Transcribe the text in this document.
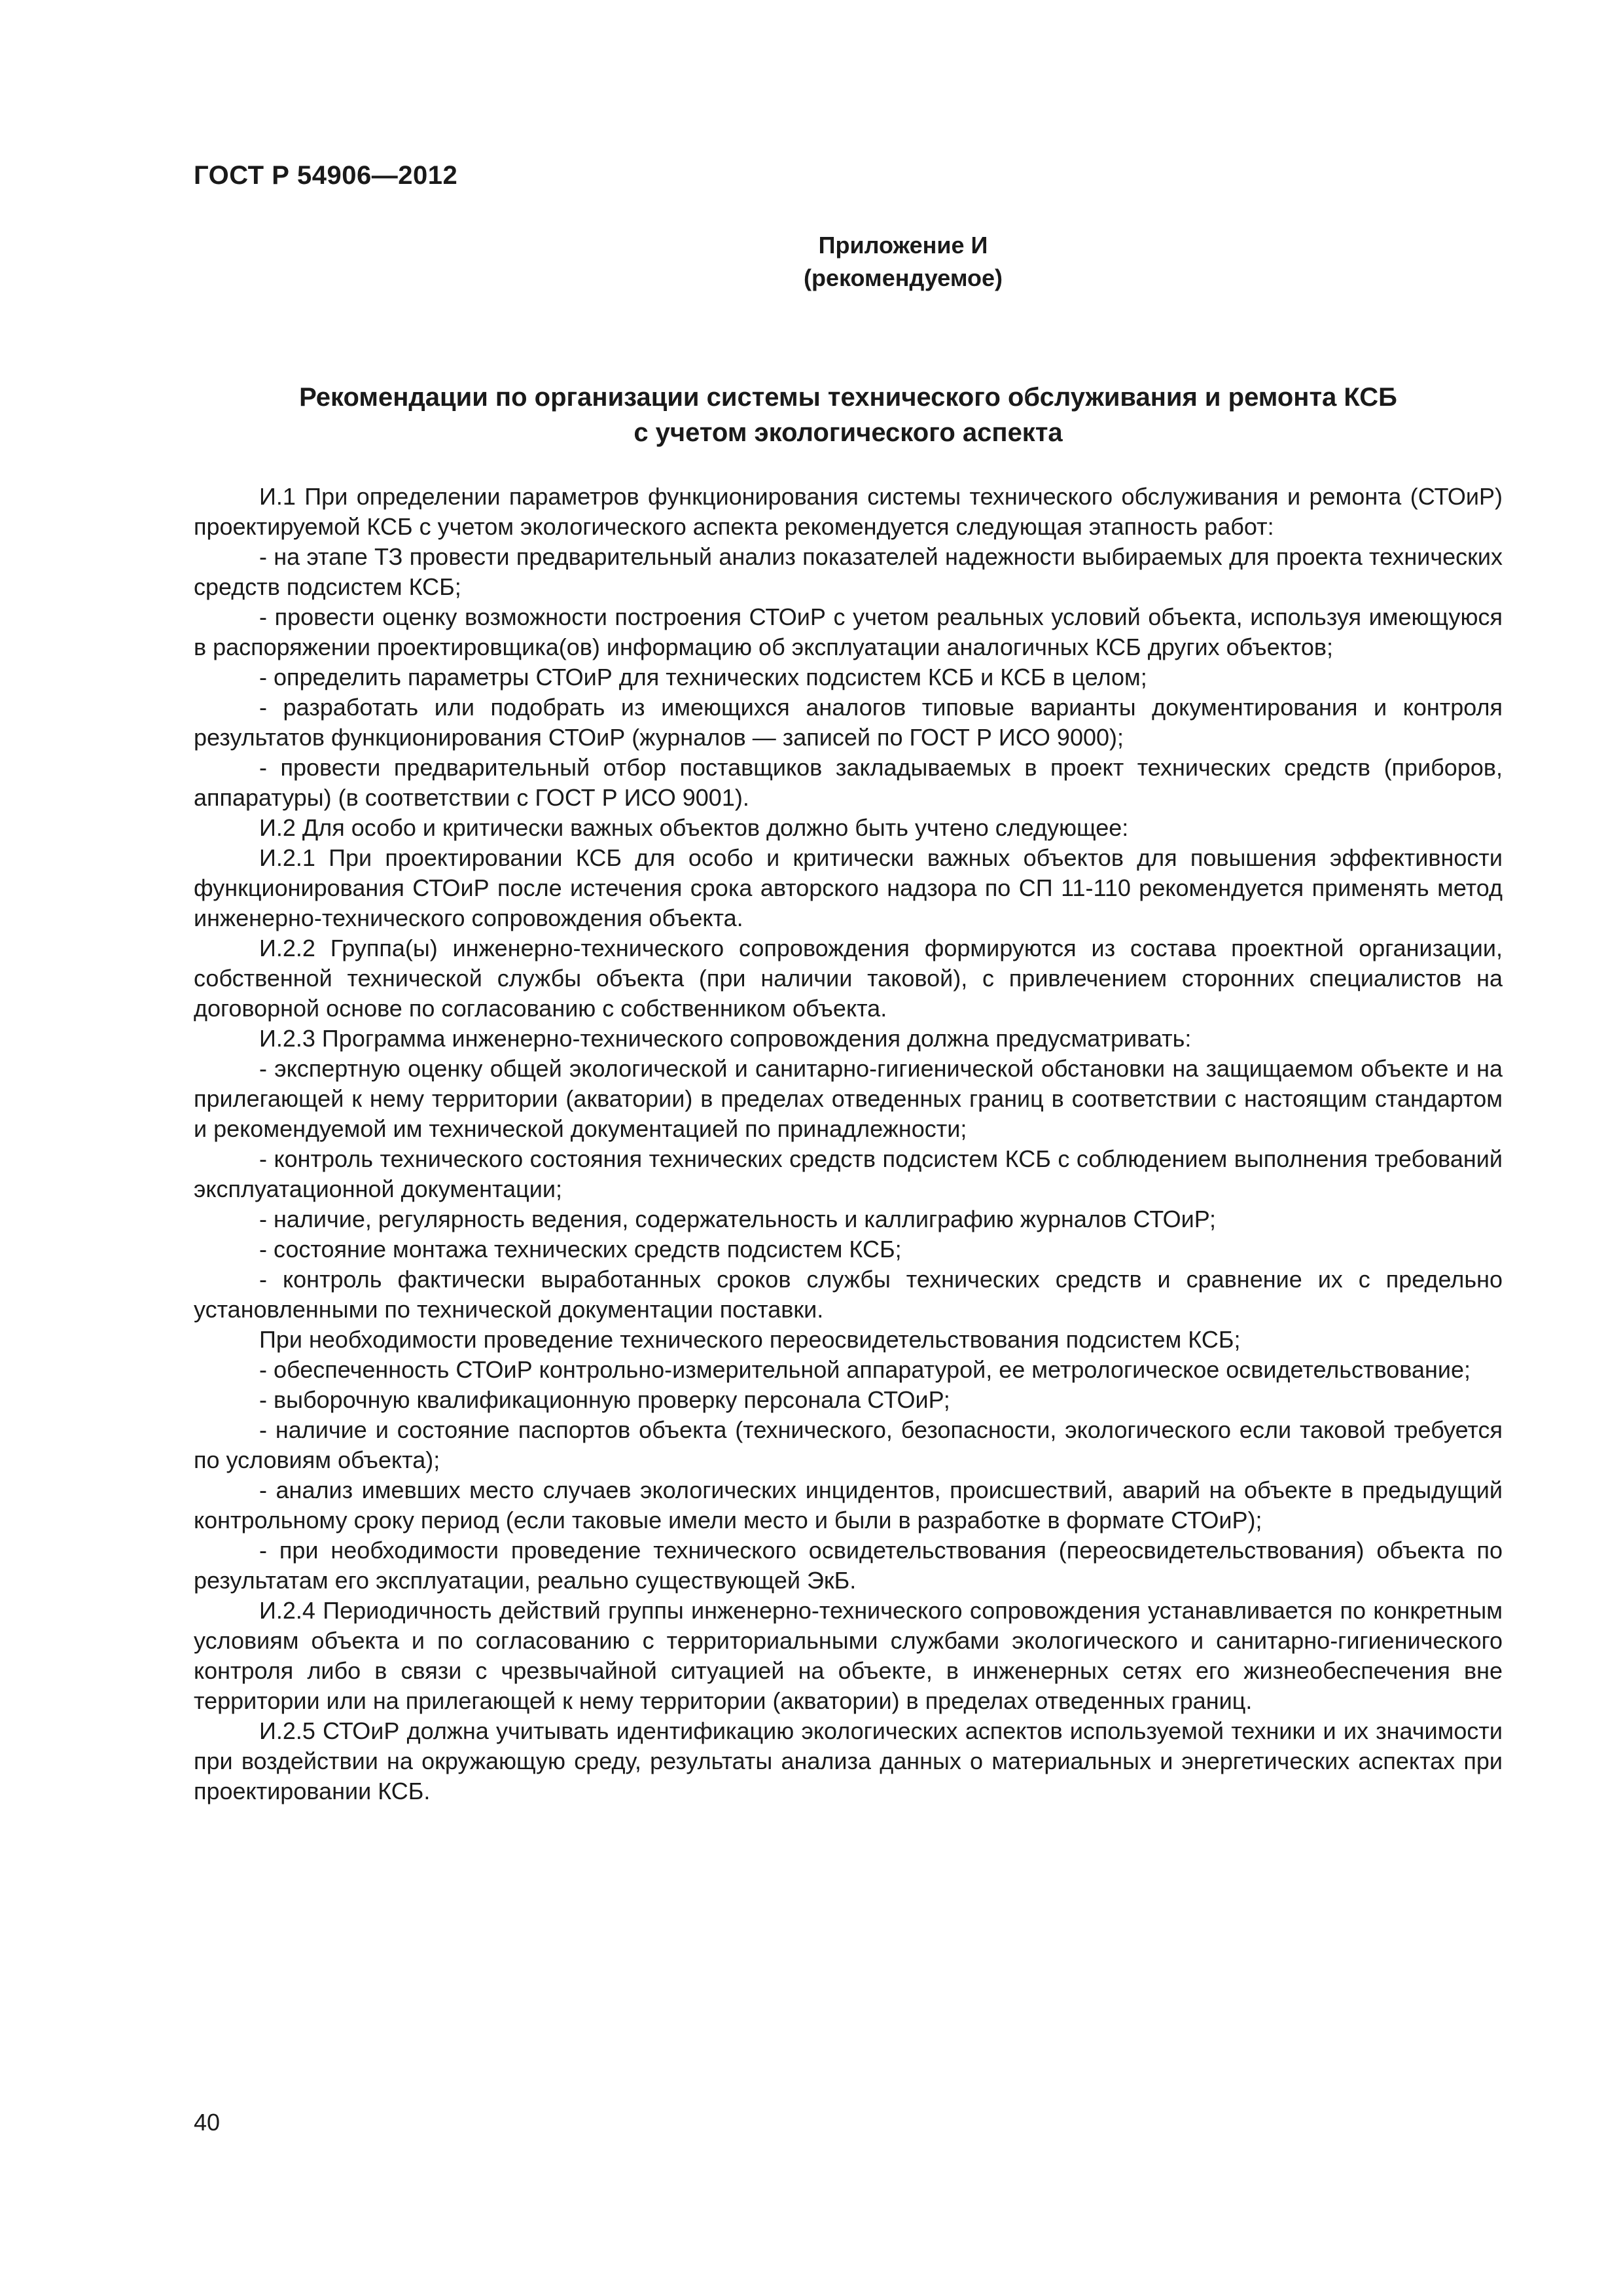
ГОСТ Р 54906—2012
Приложение И
(рекомендуемое)
Рекомендации по организации системы технического обслуживания и ремонта КСБ
с учетом экологического аспекта

И.1 При определении параметров функционирования системы технического обслуживания и ремонта (СТОиР) проектируемой КСБ с учетом экологического аспекта рекомендуется следующая этапность работ:

- на этапе ТЗ провести предварительный анализ показателей надежности выбираемых для проекта технических средств подсистем КСБ;

- провести оценку возможности построения СТОиР с учетом реальных условий объекта, используя имеющуюся в распоряжении проектировщика(ов) информацию об эксплуатации аналогичных КСБ других объектов;

- определить параметры СТОиР для технических подсистем КСБ и КСБ в целом;

- разработать или подобрать из имеющихся аналогов типовые варианты документирования и контроля результатов функционирования СТОиР (журналов — записей по ГОСТ Р ИСО 9000);

- провести предварительный отбор поставщиков закладываемых в проект технических средств (приборов, аппаратуры) (в соответствии с ГОСТ Р ИСО 9001).

И.2 Для особо и критически важных объектов должно быть учтено следующее:

И.2.1 При проектировании КСБ для особо и критически важных объектов для повышения эффективности функционирования СТОиР после истечения срока авторского надзора по СП 11-110 рекомендуется применять метод инженерно-технического сопровождения объекта.

И.2.2 Группа(ы) инженерно-технического сопровождения формируются из состава проектной организации, собственной технической службы объекта (при наличии таковой), с привлечением сторонних специалистов на договорной основе по согласованию с собственником объекта.

И.2.3 Программа инженерно-технического сопровождения должна предусматривать:

- экспертную оценку общей экологической и санитарно-гигиенической обстановки на защищаемом объекте и на прилегающей к нему территории (акватории) в пределах отведенных границ в соответствии с настоящим стандартом и рекомендуемой им технической документацией по принадлежности;

- контроль технического состояния технических средств подсистем КСБ с соблюдением выполнения требований эксплуатационной документации;

- наличие, регулярность ведения, содержательность и каллиграфию журналов СТОиР;

- состояние монтажа технических средств подсистем КСБ;

- контроль фактически выработанных сроков службы технических средств и сравнение их с предельно установленными по технической документации поставки.

При необходимости проведение технического переосвидетельствования подсистем КСБ;

- обеспеченность СТОиР контрольно-измерительной аппаратурой, ее метрологическое освидетельствование;

- выборочную квалификационную проверку персонала СТОиР;

- наличие и состояние паспортов объекта (технического, безопасности, экологического если таковой требуется по условиям объекта);

- анализ имевших место случаев экологических инцидентов, происшествий, аварий на объекте в предыдущий контрольному сроку период (если таковые имели место и были в разработке в формате СТОиР);

- при необходимости проведение технического освидетельствования (переосвидетельствования) объекта по результатам его эксплуатации, реально существующей ЭкБ.

И.2.4 Периодичность действий группы инженерно-технического сопровождения устанавливается по конкретным условиям объекта и по согласованию с территориальными службами экологического и санитарно-гигиенического контроля либо в связи с чрезвычайной ситуацией на объекте, в инженерных сетях его жизнеобеспечения вне территории или на прилегающей к нему территории (акватории) в пределах отведенных границ.

И.2.5 СТОиР должна учитывать идентификацию экологических аспектов используемой техники и их значимости при воздействии на окружающую среду, результаты анализа данных о материальных и энергетических аспектах при проектировании КСБ.

40
